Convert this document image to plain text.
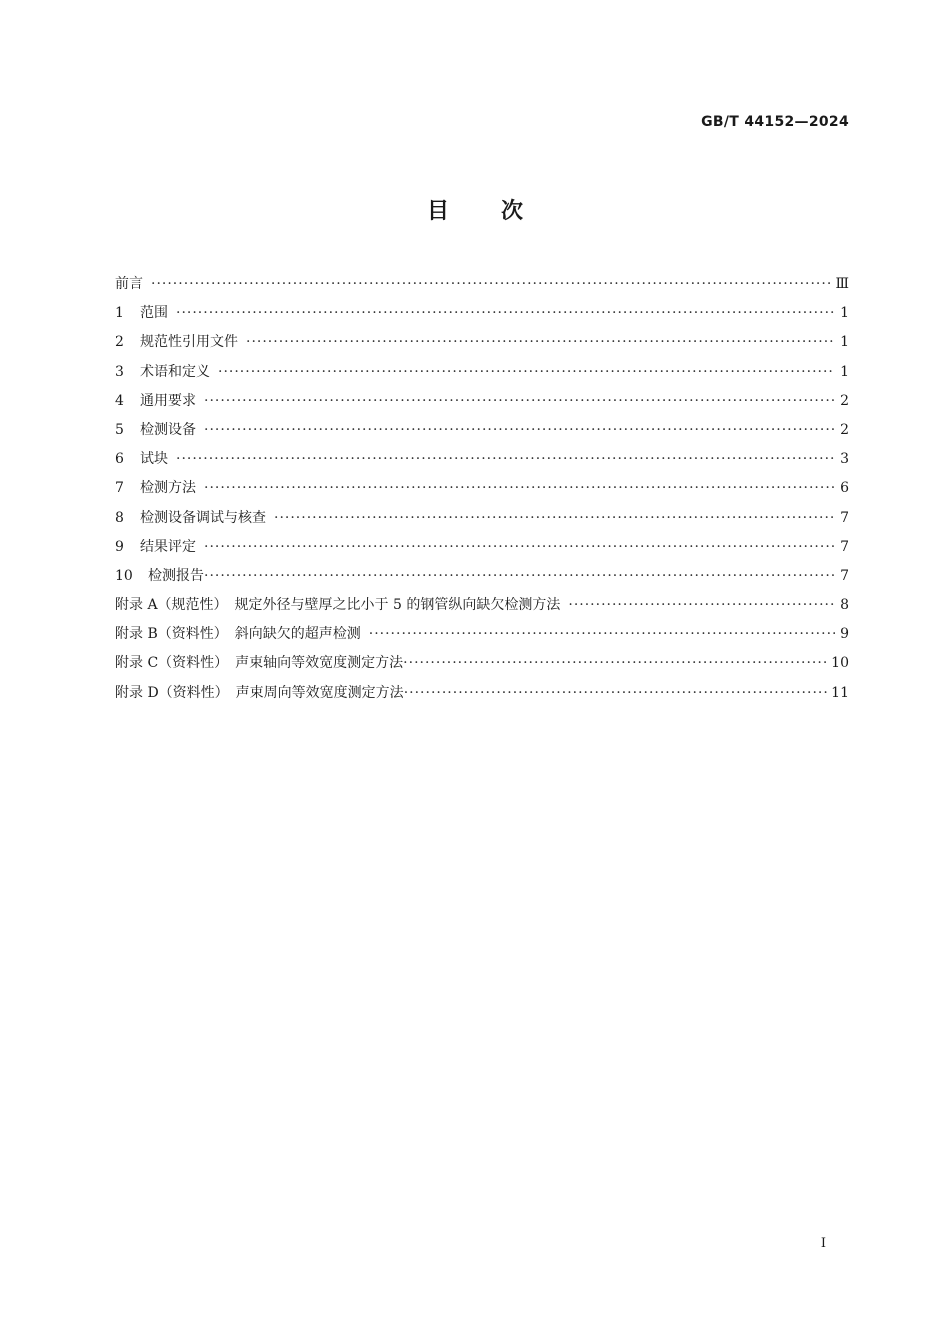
GB/T 44152—2024
目次
前言 ·····	Ⅲ
1	范围 ·····	1
2	规范性引用文件 ·····	1
3	术语和定义 ·····	1
4	通用要求 ·····	2
5	检测设备 ·····	2
6	试块 ·····	3
7	检测方法 ·····	6
8	检测设备调试与核查 ·····	7
9	结果评定 ·····	7
10	检测报告 ·····	7
附录 A（规范性）　规定外径与壁厚之比小于 5 的钢管纵向缺欠检测方法 ·····	8
附录 B（资料性）　斜向缺欠的超声检测 ·····	9
附录 C（资料性）　声束轴向等效宽度测定方法 ·····	10
附录 D（资料性）　声束周向等效宽度测定方法 ·····	11
I
